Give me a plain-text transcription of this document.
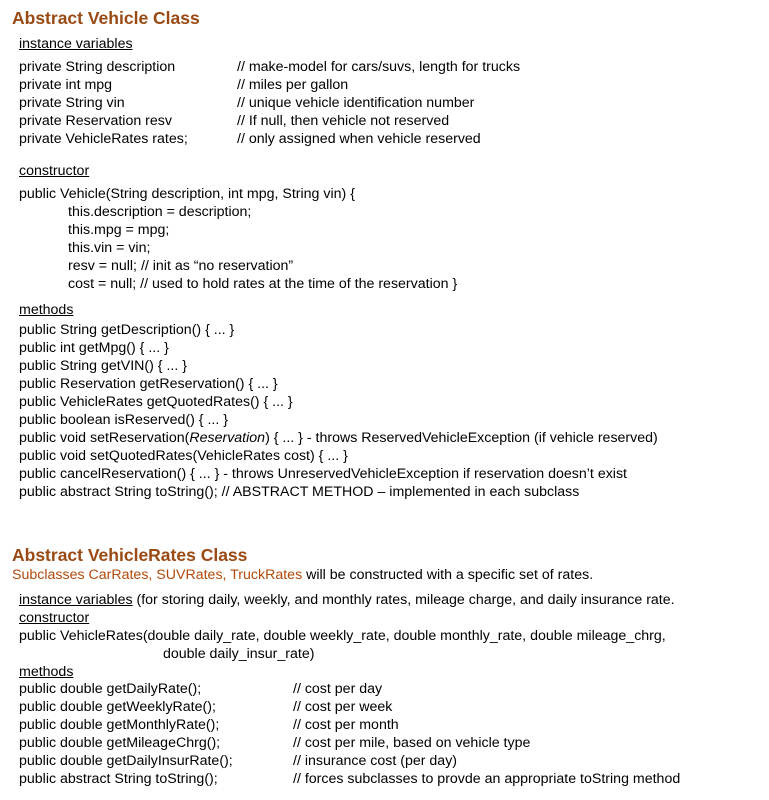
Abstract Vehicle Class
instance variables
private String description	// make-model for cars/suvs, length for trucks
private int mpg	// miles per gallon
private String vin	// unique vehicle identification number
private Reservation resv	// If null, then vehicle not reserved
private VehicleRates rates;	// only assigned when vehicle reserved
constructor
public Vehicle(String description, int mpg, String vin) {
this.description = description;
this.mpg = mpg;
this.vin = vin;
resv = null; // init as “no reservation”
cost = null; // used to hold rates at the time of the reservation }
methods
public String getDescription() { ... }
public int getMpg() { ... }
public String getVIN() { ... }
public Reservation getReservation() { ... }
public VehicleRates getQuotedRates() { ... }
public boolean isReserved() { ... }
public void setReservation(Reservation) { ... } - throws ReservedVehicleException (if vehicle reserved)
public void setQuotedRates(VehicleRates cost) { ... }
public cancelReservation() { ... } - throws UnreservedVehicleException if reservation doesn’t exist
public abstract String toString(); // ABSTRACT METHOD – implemented in each subclass
Abstract VehicleRates Class
Subclasses CarRates, SUVRates, TruckRates will be constructed with a specific set of rates.
instance variables (for storing daily, weekly, and monthly rates, mileage charge, and daily insurance rate.
constructor
public VehicleRates(double daily_rate, double weekly_rate, double monthly_rate, double mileage_chrg,
double daily_insur_rate)
methods
public double getDailyRate();	// cost per day
public double getWeeklyRate();	// cost per week
public double getMonthlyRate();	// cost per month
public double getMileageChrg();	// cost per mile, based on vehicle type
public double getDailyInsurRate();	// insurance cost (per day)
public abstract String toString();	// forces subclasses to provde an appropriate toString method
